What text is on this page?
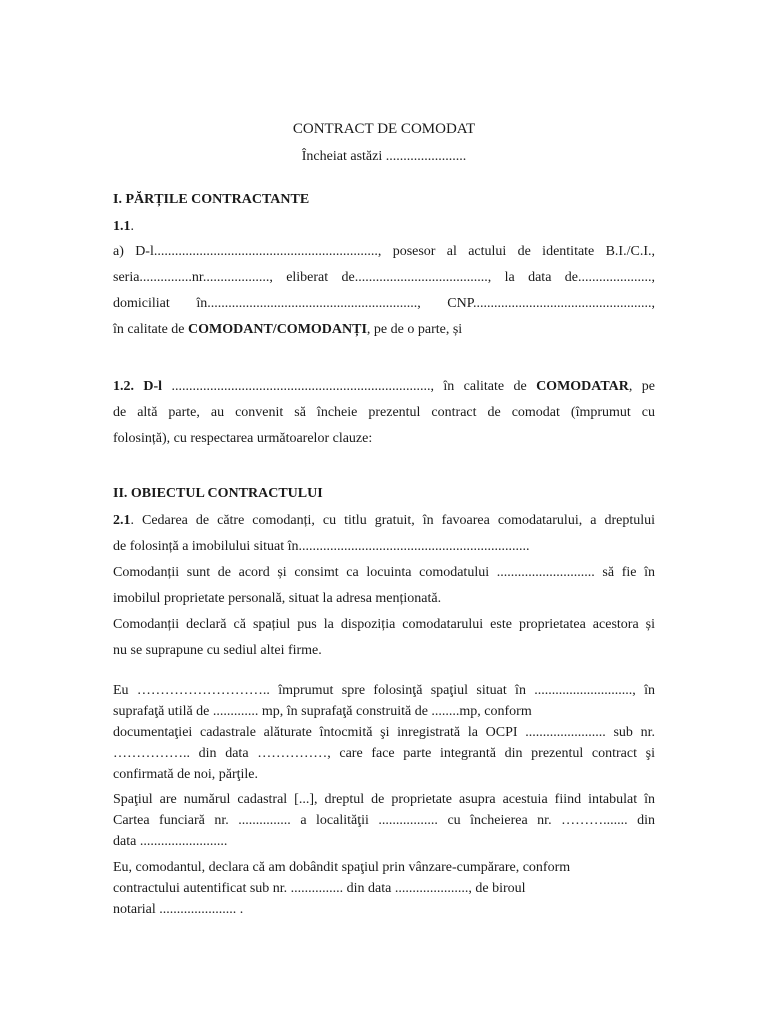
CONTRACT DE COMODAT
Încheiat astăzi .......................
I. PĂRȚILE CONTRACTANTE
1.1.
a) D-l................................................................, posesor al actului de identitate B.I./C.I.,
seria...............nr..................., eliberat de......................................, la data de.....................,
domiciliat în............................................................, CNP...................................................,
în calitate de COMODANT/COMODANȚI, pe de o parte, și
1.2. D-l .........................................................................., în calitate de COMODATAR, pe
de altă parte, au convenit să încheie prezentul contract de comodat (împrumut cu
folosință), cu respectarea următoarelor clauze:
II. OBIECTUL CONTRACTULUI
2.1. Cedarea de către comodanți, cu titlu gratuit, în favoarea comodatarului, a dreptului
de folosință a imobilului situat în..................................................................
Comodanții sunt de acord și consimt ca locuinta comodatului ............................ să fie în
imobilul proprietate personală, situat la adresa menționată.
Comodanții declară că spațiul pus la dispoziția comodatarului este proprietatea acestora și
nu se suprapune cu sediul altei firme.
Eu ……………………….. împrumut spre folosinţă spaţiul situat în ............................, în
suprafaţă utilă de ............. mp, în suprafaţă construită de ........mp, conform
documentaţiei cadastrale alăturate întocmită şi inregistrată la OCPI ....................... sub nr.
…………….. din data ……………, care face parte integrantă din prezentul contract şi
confirmată de noi, părţile.
Spaţiul are numărul cadastral [...], dreptul de proprietate asupra acestuia fiind intabulat în
Cartea funciară nr. ............... a localităţii ................. cu încheierea nr. ………....... din
data .........................
Eu, comodantul, declara că am dobândit spaţiul prin vânzare-cumpărare, conform
contractului autentificat sub nr. ............... din data ....................., de biroul
notarial ...................... .
